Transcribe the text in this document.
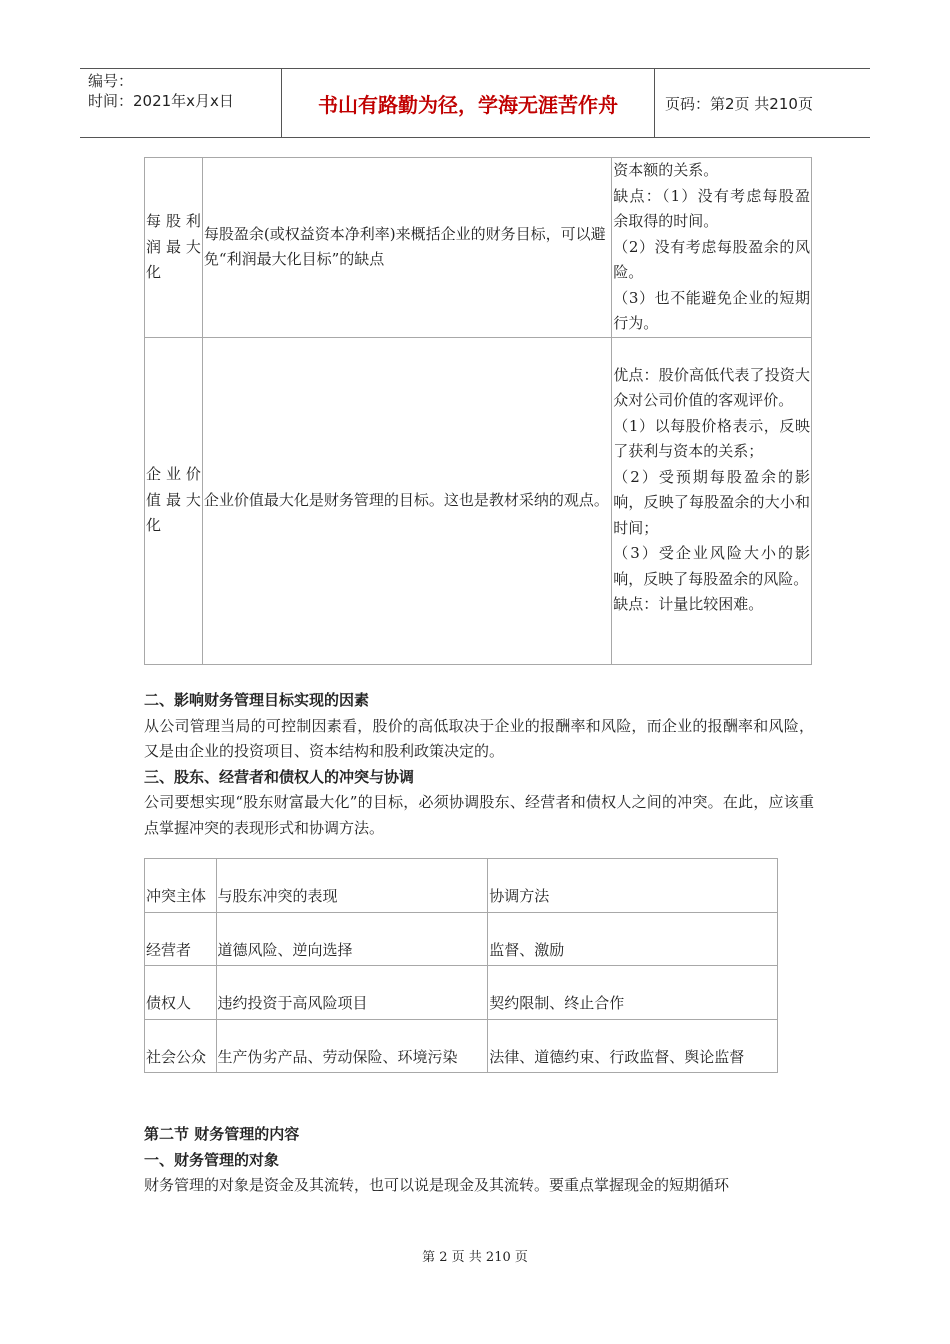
编号：
时间：2021年x月x日	书山有路勤为径，学海无涯苦作舟	页码：第2页 共210页
每股利润最大化	每股盈余(或权益资本净利率)来概括企业的财务目标，可以避免“利润最大化目标”的缺点	资本额的关系。
缺点：（1）没有考虑每股盈余取得的时间。
（2）没有考虑每股盈余的风险。
（3）也不能避免企业的短期行为。

企业价值最大化	企业价值最大化是财务管理的目标。这也是教材采纳的观点。	优点：股价高低代表了投资大众对公司价值的客观评价。
（1）以每股价格表示，反映了获利与资本的关系；
（2）受预期每股盈余的影响，反映了每股盈余的大小和时间；
（3）受企业风险大小的影响，反映了每股盈余的风险。
缺点：计量比较困难。
二、影响财务管理目标实现的因素
从公司管理当局的可控制因素看，股价的高低取决于企业的报酬率和风险，而企业的报酬率和风险，又是由企业的投资项目、资本结构和股利政策决定的。
三、股东、经营者和债权人的冲突与协调
公司要想实现“股东财富最大化”的目标，必须协调股东、经营者和债权人之间的冲突。在此，应该重点掌握冲突的表现形式和协调方法。
冲突主体	与股东冲突的表现	协调方法
经营者	道德风险、逆向选择	监督、激励
债权人	违约投资于高风险项目	契约限制、终止合作
社会公众	生产伪劣产品、劳动保险、环境污染	法律、道德约束、行政监督、舆论监督
第二节 财务管理的内容
一、财务管理的对象
财务管理的对象是资金及其流转，也可以说是现金及其流转。要重点掌握现金的短期循环
第 2 页 共 210 页
